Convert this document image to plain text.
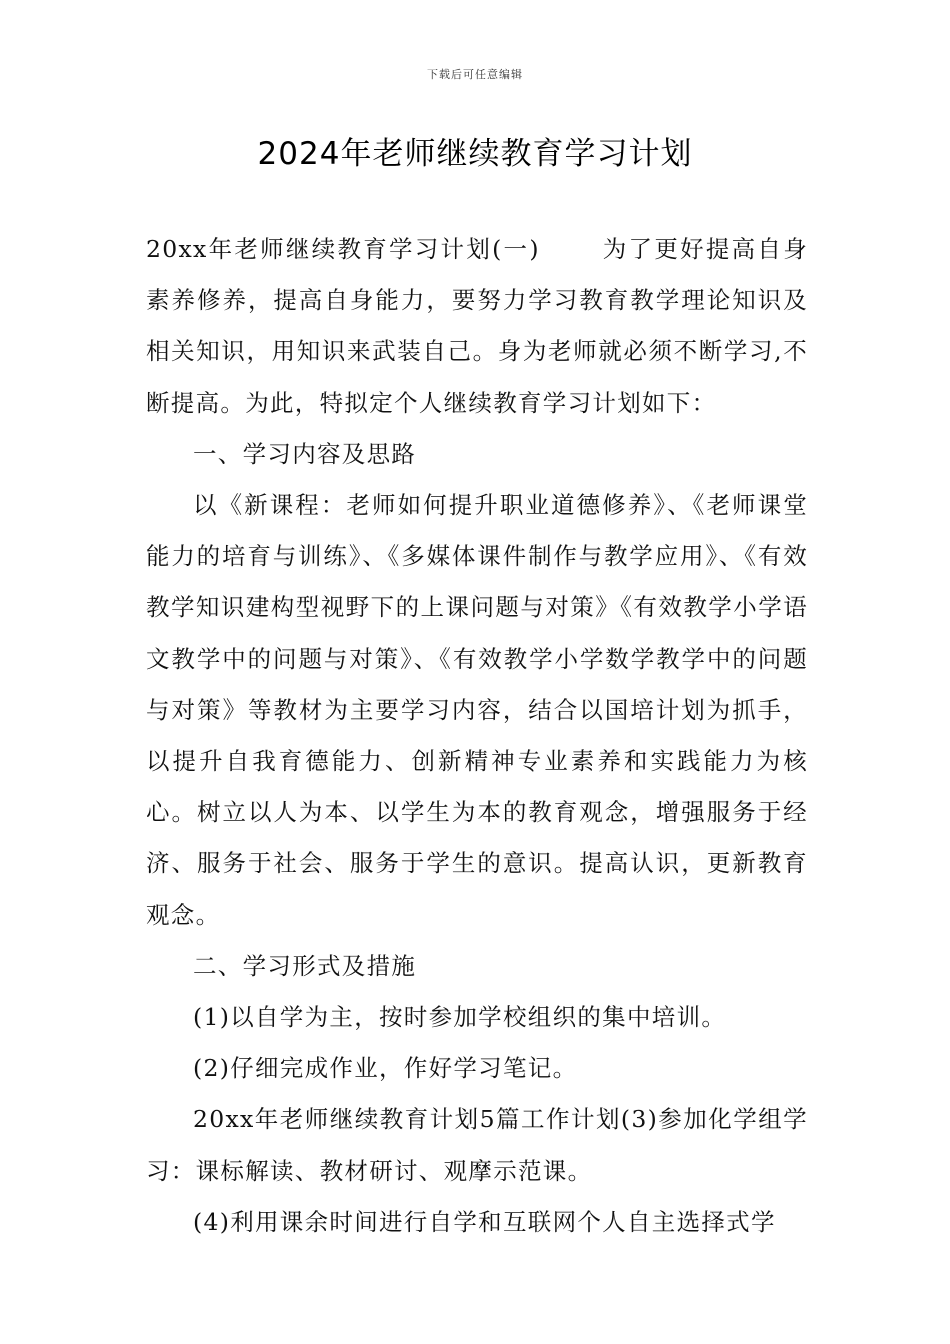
下载后可任意编辑
2024年老师继续教育学习计划

20xx年老师继续教育学习计划(一)	为了更好提高自身素养修养，提高自身能力，要努力学习教育教学理论知识及相关知识，用知识来武装自己。身为老师就必须不断学习,不断提高。为此，特拟定个人继续教育学习计划如下：

一、学习内容及思路

以《新课程：老师如何提升职业道德修养》、《老师课堂能力的培育与训练》、《多媒体课件制作与教学应用》、《有效教学知识建构型视野下的上课问题与对策》《有效教学小学语文教学中的问题与对策》、《有效教学小学数学教学中的问题与对策》等教材为主要学习内容，结合以国培计划为抓手，以提升自我育德能力、创新精神专业素养和实践能力为核心。树立以人为本、以学生为本的教育观念，增强服务于经济、服务于社会、服务于学生的意识。提高认识，更新教育观念。

二、学习形式及措施

(1)以自学为主，按时参加学校组织的集中培训。

(2)仔细完成作业，作好学习笔记。

20xx年老师继续教育计划5篇工作计划(3)参加化学组学习：课标解读、教材研讨、观摩示范课。

(4)利用课余时间进行自学和互联网个人自主选择式学
